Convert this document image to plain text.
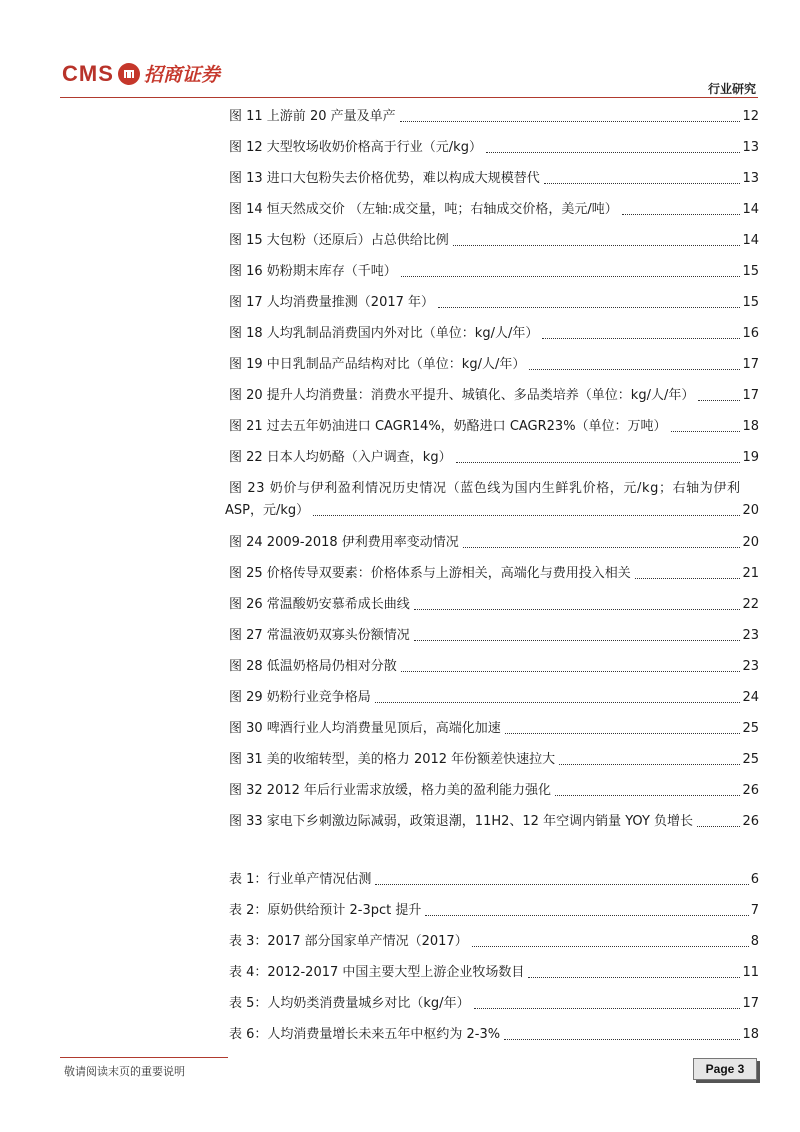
CMS 招商证券
行业研究
图 11 上游前 20 产量及单产	12
图 12 大型牧场收奶价格高于行业（元/kg）	13
图 13 进口大包粉失去价格优势，难以构成大规模替代	13
图 14 恒天然成交价 （左轴:成交量，吨；右轴成交价格，美元/吨）	14
图 15 大包粉（还原后）占总供给比例	14
图 16 奶粉期末库存（千吨）	15
图 17 人均消费量推测（2017 年）	15
图 18 人均乳制品消费国内外对比（单位：kg/人/年）	16
图 19 中日乳制品产品结构对比（单位：kg/人/年）	17
图 20 提升人均消费量：消费水平提升、城镇化、多品类培养（单位：kg/人/年）	17
图 21 过去五年奶油进口 CAGR14%，奶酪进口 CAGR23%（单位：万吨）	18
图 22 日本人均奶酪（入户调查，kg）	19
图 23 奶价与伊利盈利情况历史情况（蓝色线为国内生鲜乳价格，元/kg；右轴为伊利
ASP，元/kg）	20
图 24 2009-2018 伊利费用率变动情况	20
图 25 价格传导双要素：价格体系与上游相关，高端化与费用投入相关	21
图 26 常温酸奶安慕希成长曲线	22
图 27 常温液奶双寡头份额情况	23
图 28 低温奶格局仍相对分散	23
图 29 奶粉行业竞争格局	24
图 30 啤酒行业人均消费量见顶后，高端化加速	25
图 31 美的收缩转型，美的格力 2012 年份额差快速拉大	25
图 32 2012 年后行业需求放缓，格力美的盈利能力强化	26
图 33 家电下乡刺激边际减弱，政策退潮，11H2、12 年空调内销量 YOY 负增长	26
表 1：行业单产情况估测	6
表 2：原奶供给预计 2-3pct 提升	7
表 3：2017 部分国家单产情况（2017）	8
表 4：2012-2017 中国主要大型上游企业牧场数目	11
表 5：人均奶类消费量城乡对比（kg/年）	17
表 6：人均消费量增长未来五年中枢约为 2-3%	18
敬请阅读末页的重要说明	Page 3
